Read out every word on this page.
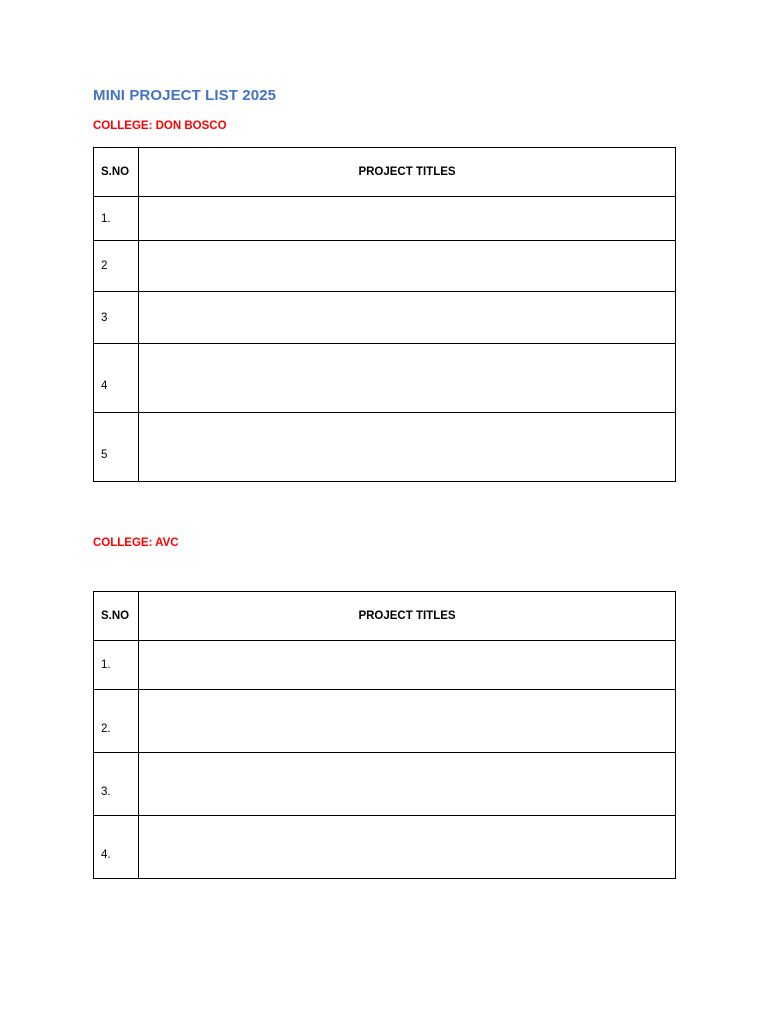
MINI PROJECT LIST 2025
COLLEGE: DON BOSCO
S.NO	PROJECT TITLES
1.	
2	
3	
4	
5	
COLLEGE: AVC
S.NO	PROJECT TITLES
1.	
2.	
3.	
4.	
